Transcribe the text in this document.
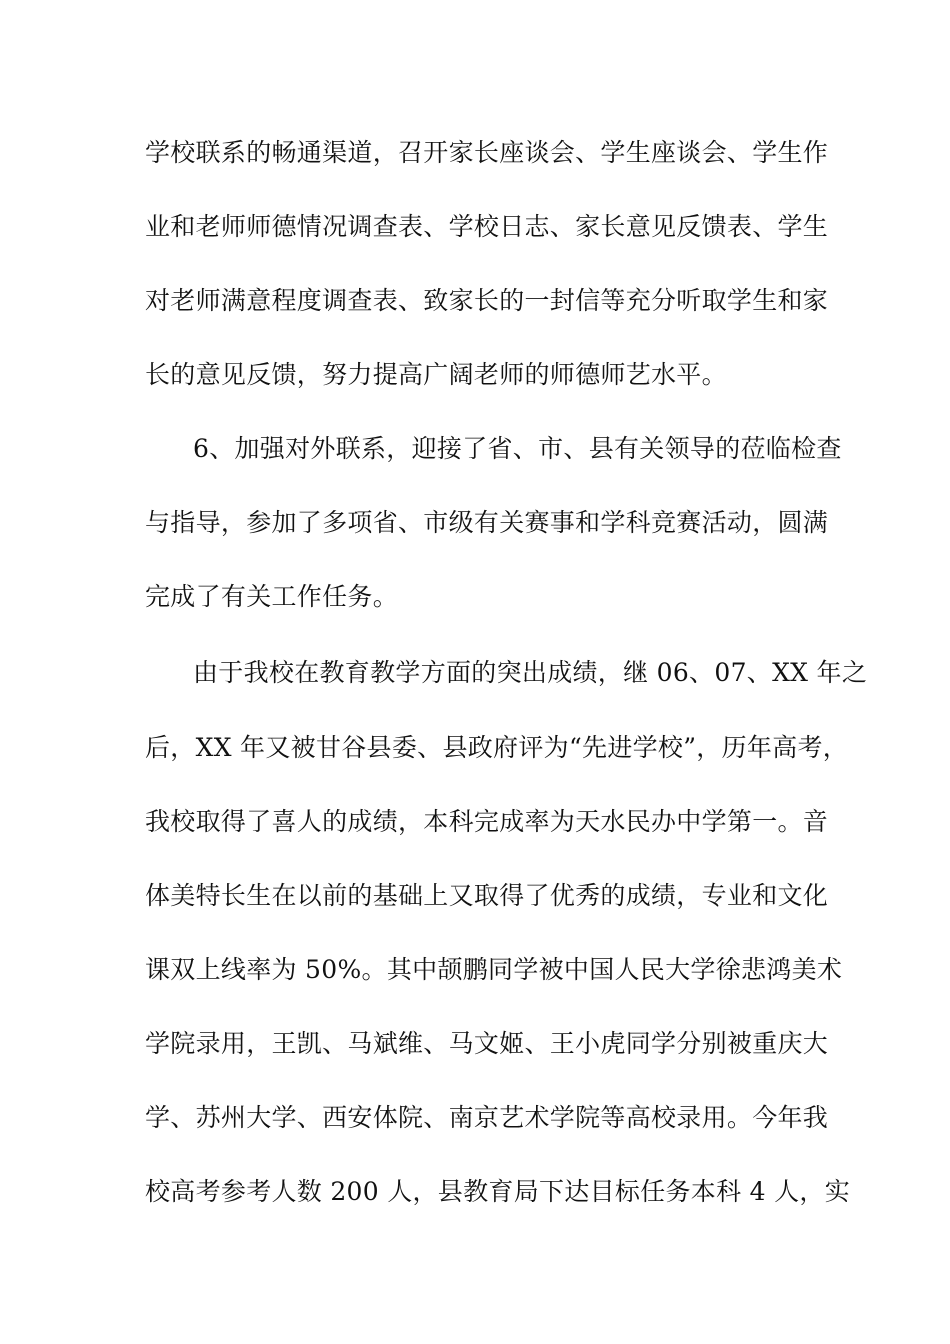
学校联系的畅通渠道，召开家长座谈会、学生座谈会、学生作
业和老师师德情况调查表、学校日志、家长意见反馈表、学生
对老师满意程度调查表、致家长的一封信等充分听取学生和家
长的意见反馈，努力提高广阔老师的师德师艺水平。
6、加强对外联系，迎接了省、市、县有关领导的莅临检查
与指导，参加了多项省、市级有关赛事和学科竞赛活动，圆满
完成了有关工作任务。
由于我校在教育教学方面的突出成绩，继 06、07、XX 年之
后，XX 年又被甘谷县委、县政府评为“先进学校”，历年高考，
我校取得了喜人的成绩，本科完成率为天水民办中学第一。音
体美特长生在以前的基础上又取得了优秀的成绩，专业和文化
课双上线率为 50%。其中颉鹏同学被中国人民大学徐悲鸿美术
学院录用，王凯、马斌维、马文姬、王小虎同学分别被重庆大
学、苏州大学、西安体院、南京艺术学院等高校录用。今年我
校高考参考人数 200 人，县教育局下达目标任务本科 4 人，实
